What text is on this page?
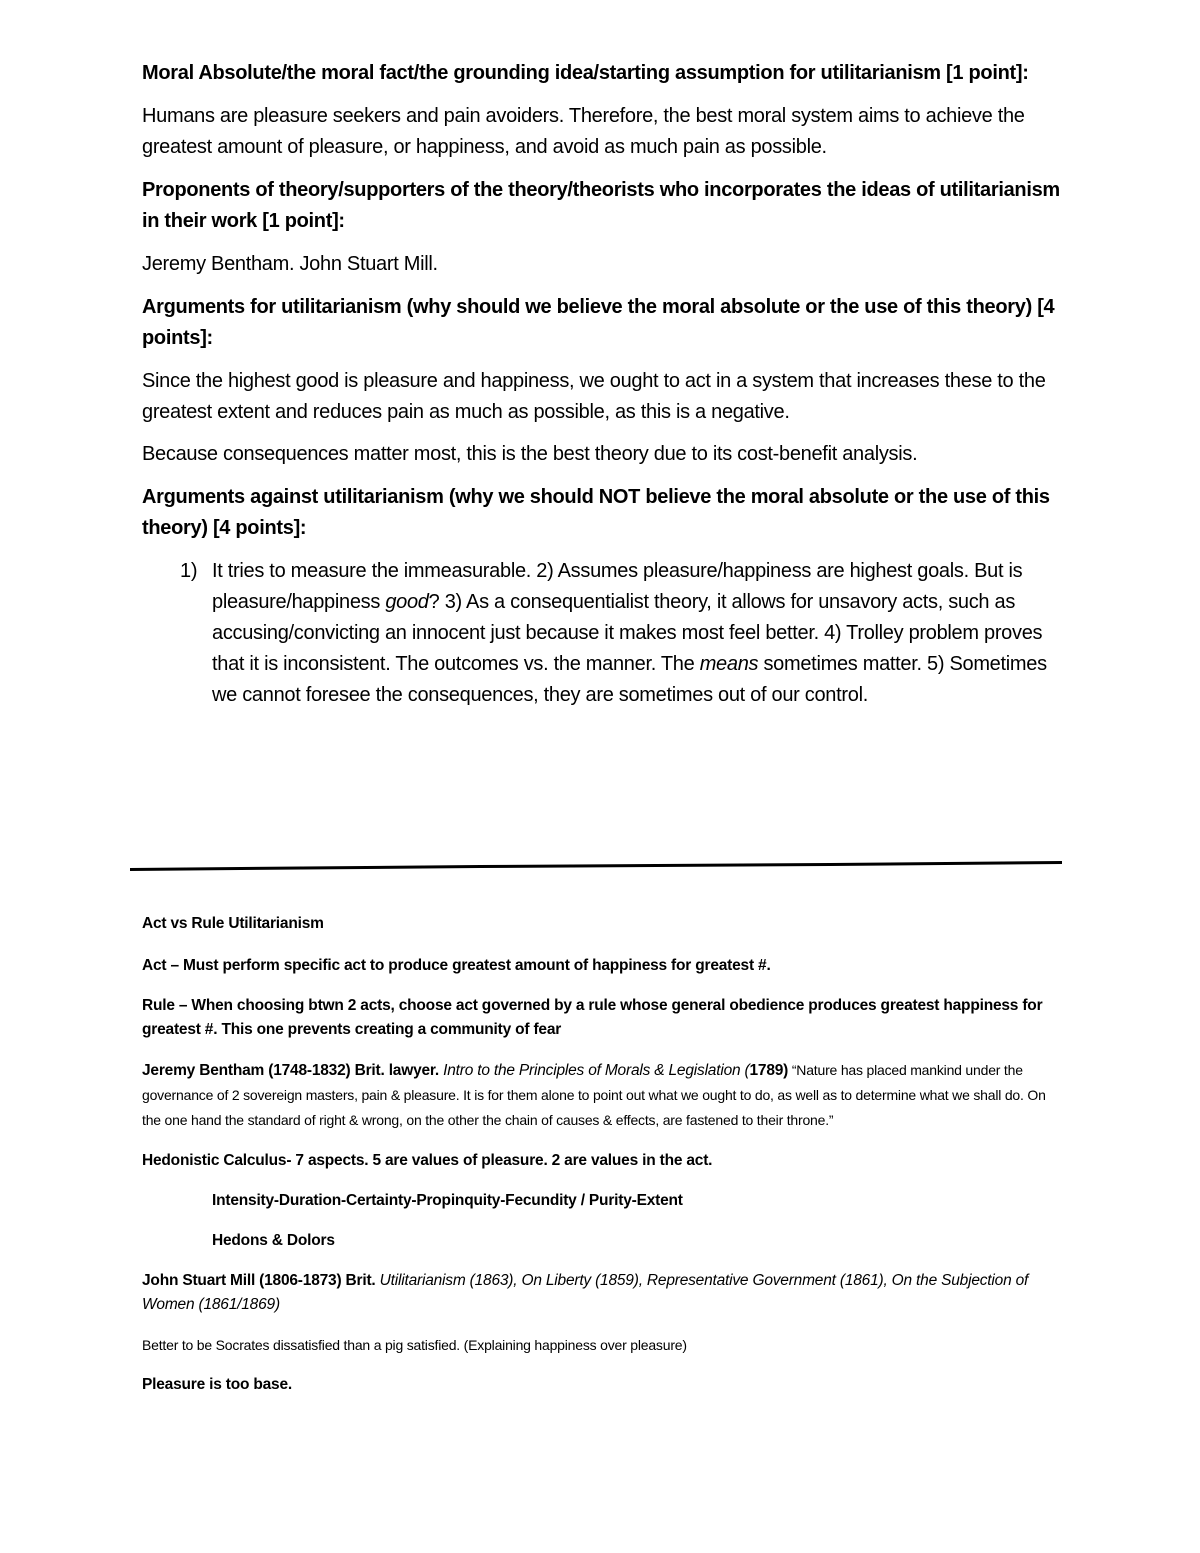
Moral Absolute/the moral fact/the grounding idea/starting assumption for utilitarianism [1 point]:

Humans are pleasure seekers and pain avoiders. Therefore, the best moral system aims to achieve the greatest amount of pleasure, or happiness, and avoid as much pain as possible.

Proponents of theory/supporters of the theory/theorists who incorporates the ideas of utilitarianism in their work [1 point]:

Jeremy Bentham. John Stuart Mill.

Arguments for utilitarianism (why should we believe the moral absolute or the use of this theory) [4 points]:

Since the highest good is pleasure and happiness, we ought to act in a system that increases these to the greatest extent and reduces pain as much as possible, as this is a negative.

Because consequences matter most, this is the best theory due to its cost-benefit analysis.

Arguments against utilitarianism (why we should NOT believe the moral absolute or the use of this theory) [4 points]:

1) It tries to measure the immeasurable. 2) Assumes pleasure/happiness are highest goals. But is pleasure/happiness good? 3) As a consequentialist theory, it allows for unsavory acts, such as accusing/convicting an innocent just because it makes most feel better. 4) Trolley problem proves that it is inconsistent. The outcomes vs. the manner. The means sometimes matter. 5) Sometimes we cannot foresee the consequences, they are sometimes out of our control.
Act vs Rule Utilitarianism
Act – Must perform specific act to produce greatest amount of happiness for greatest #.
Rule – When choosing btwn 2 acts, choose act governed by a rule whose general obedience produces greatest happiness for greatest #. This one prevents creating a community of fear
Jeremy Bentham (1748-1832) Brit. lawyer. Intro to the Principles of Morals & Legislation (1789) “Nature has placed mankind under the governance of 2 sovereign masters, pain & pleasure. It is for them alone to point out what we ought to do, as well as to determine what we shall do. On the one hand the standard of right & wrong, on the other the chain of causes & effects, are fastened to their throne.”
Hedonistic Calculus- 7 aspects. 5 are values of pleasure. 2 are values in the act.
Intensity-Duration-Certainty-Propinquity-Fecundity / Purity-Extent
Hedons & Dolors
John Stuart Mill (1806-1873) Brit. Utilitarianism (1863), On Liberty (1859), Representative Government (1861), On the Subjection of Women (1861/1869)
Better to be Socrates dissatisfied than a pig satisfied. (Explaining happiness over pleasure)
Pleasure is too base.
